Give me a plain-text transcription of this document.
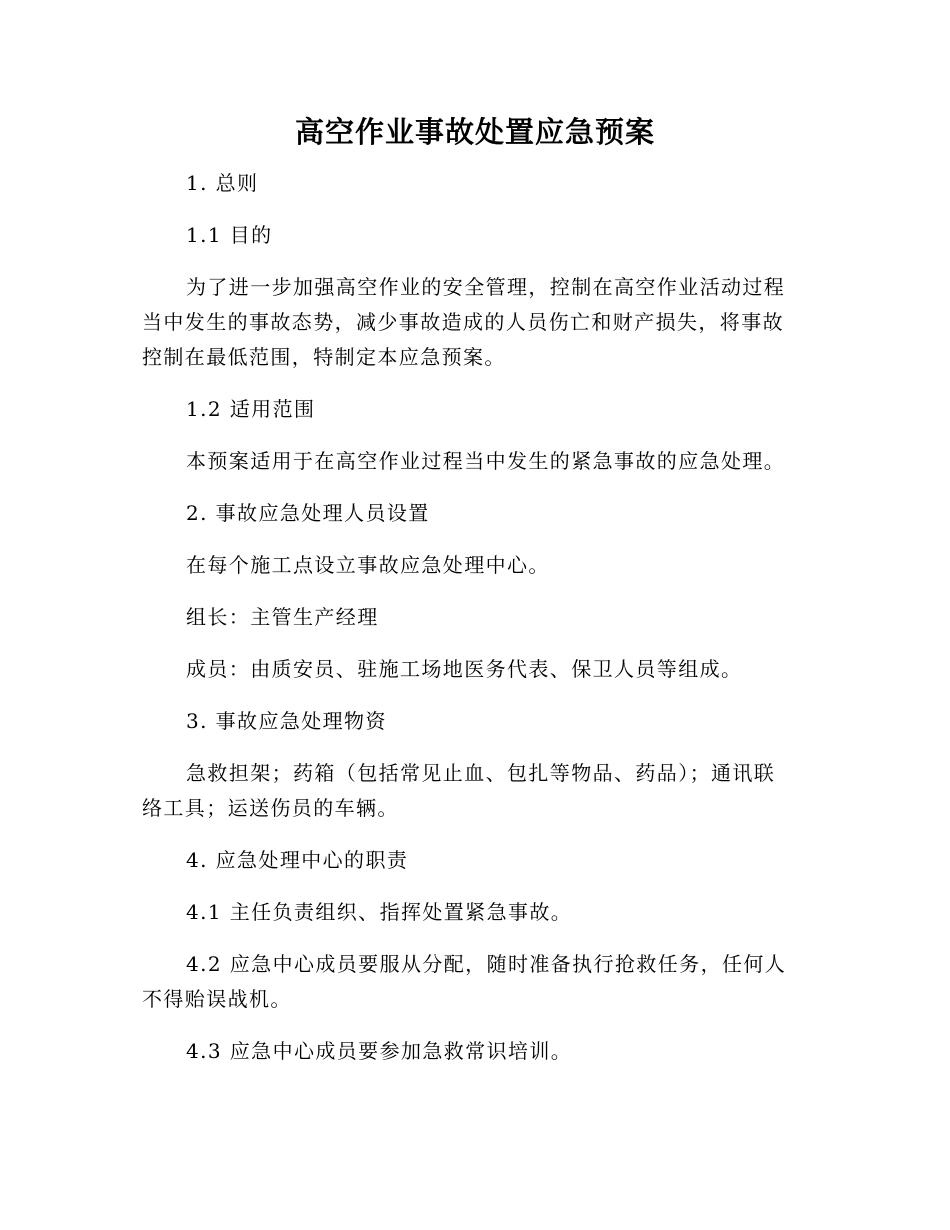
高空作业事故处置应急预案

1. 总则

1.1 目的

为了进一步加强高空作业的安全管理，控制在高空作业活动过程当中发生的事故态势，减少事故造成的人员伤亡和财产损失，将事故控制在最低范围，特制定本应急预案。

1.2 适用范围

本预案适用于在高空作业过程当中发生的紧急事故的应急处理。

2. 事故应急处理人员设置

在每个施工点设立事故应急处理中心。

组长：主管生产经理

成员：由质安员、驻施工场地医务代表、保卫人员等组成。

3. 事故应急处理物资

急救担架；药箱（包括常见止血、包扎等物品、药品）；通讯联络工具；运送伤员的车辆。

4. 应急处理中心的职责

4.1 主任负责组织、指挥处置紧急事故。

4.2 应急中心成员要服从分配，随时准备执行抢救任务，任何人不得贻误战机。

4.3 应急中心成员要参加急救常识培训。
